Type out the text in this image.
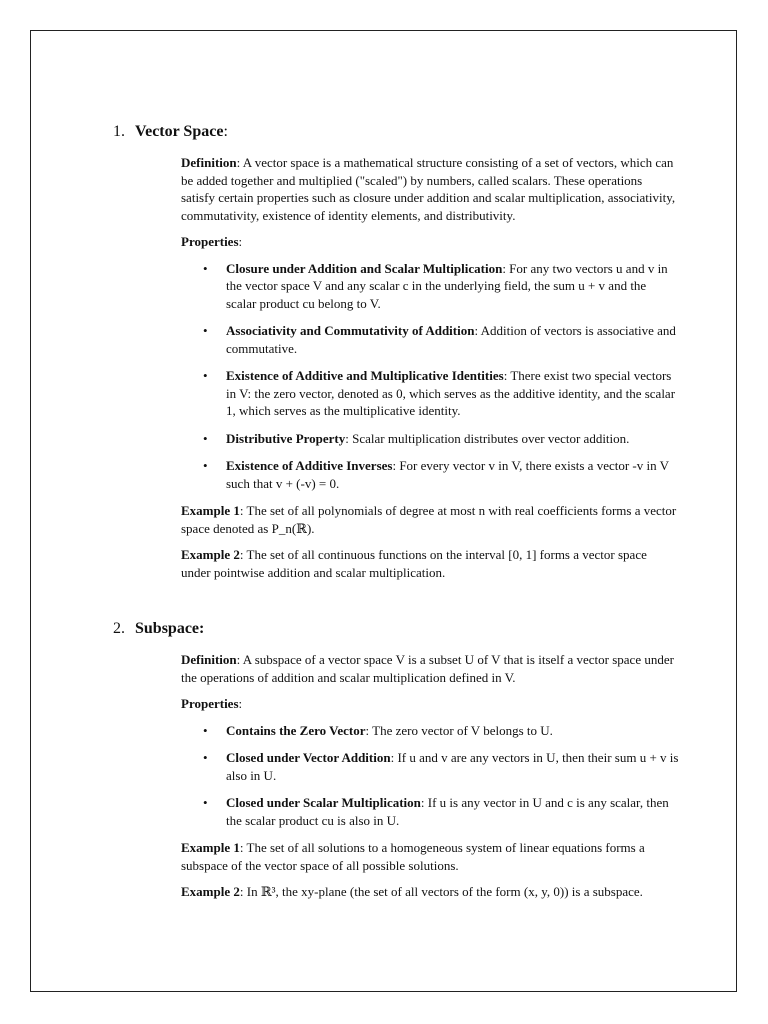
1. Vector Space:

Definition: A vector space is a mathematical structure consisting of a set of vectors, which can be added together and multiplied ("scaled") by numbers, called scalars. These operations satisfy certain properties such as closure under addition and scalar multiplication, associativity, commutativity, existence of identity elements, and distributivity.

Properties:

• Closure under Addition and Scalar Multiplication: For any two vectors u and v in the vector space V and any scalar c in the underlying field, the sum u + v and the scalar product cu belong to V.
• Associativity and Commutativity of Addition: Addition of vectors is associative and commutative.
• Existence of Additive and Multiplicative Identities: There exist two special vectors in V: the zero vector, denoted as 0, which serves as the additive identity, and the scalar 1, which serves as the multiplicative identity.
• Distributive Property: Scalar multiplication distributes over vector addition.
• Existence of Additive Inverses: For every vector v in V, there exists a vector -v in V such that v + (-v) = 0.

Example 1: The set of all polynomials of degree at most n with real coefficients forms a vector space denoted as P_n(ℝ).

Example 2: The set of all continuous functions on the interval [0, 1] forms a vector space under pointwise addition and scalar multiplication.

2. Subspace:

Definition: A subspace of a vector space V is a subset U of V that is itself a vector space under the operations of addition and scalar multiplication defined in V.

Properties:

• Contains the Zero Vector: The zero vector of V belongs to U.
• Closed under Vector Addition: If u and v are any vectors in U, then their sum u + v is also in U.
• Closed under Scalar Multiplication: If u is any vector in U and c is any scalar, then the scalar product cu is also in U.

Example 1: The set of all solutions to a homogeneous system of linear equations forms a subspace of the vector space of all possible solutions.

Example 2: In ℝ³, the xy-plane (the set of all vectors of the form (x, y, 0)) is a subspace.
